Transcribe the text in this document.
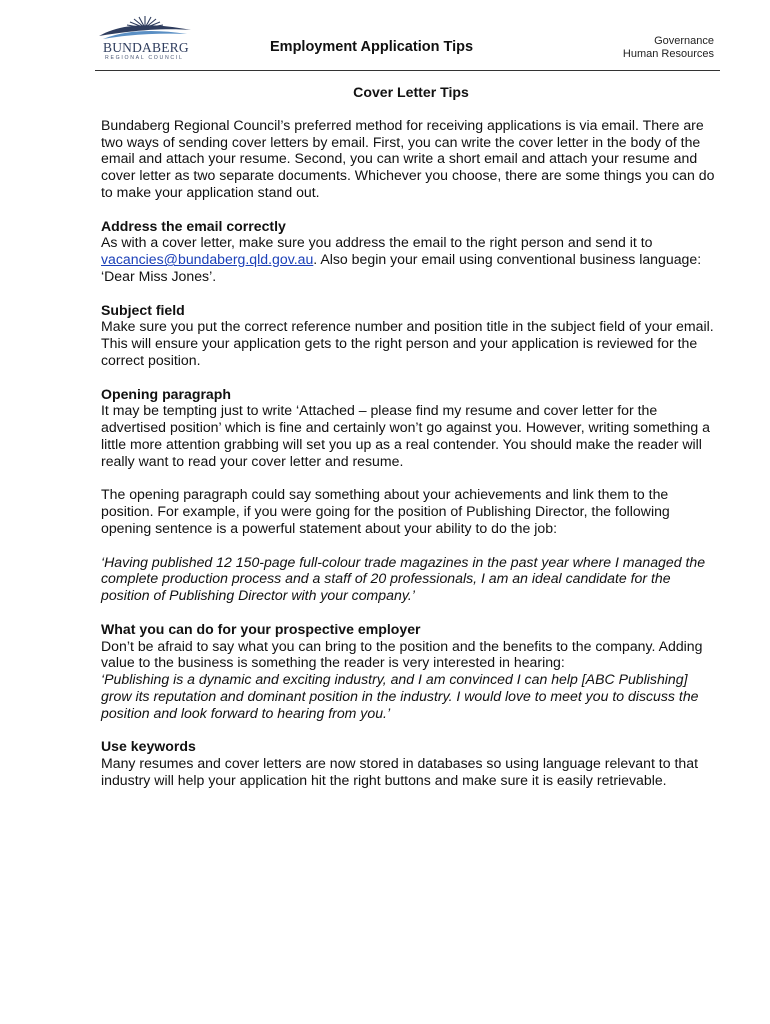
BUNDABERG
REGIONAL COUNCIL
Employment Application Tips	Governance
Human Resources
Cover Letter Tips

Bundaberg Regional Council’s preferred method for receiving applications is via email. There are two ways of sending cover letters by email. First, you can write the cover letter in the body of the email and attach your resume. Second, you can write a short email and attach your resume and cover letter as two separate documents. Whichever you choose, there are some things you can do to make your application stand out.

Address the email correctly
As with a cover letter, make sure you address the email to the right person and send it to vacancies@bundaberg.qld.gov.au. Also begin your email using conventional business language: ‘Dear Miss Jones’.

Subject field
Make sure you put the correct reference number and position title in the subject field of your email. This will ensure your application gets to the right person and your application is reviewed for the correct position.

Opening paragraph
It may be tempting just to write ‘Attached – please find my resume and cover letter for the advertised position’ which is fine and certainly won’t go against you. However, writing something a little more attention grabbing will set you up as a real contender. You should make the reader will really want to read your cover letter and resume.

The opening paragraph could say something about your achievements and link them to the position. For example, if you were going for the position of Publishing Director, the following opening sentence is a powerful statement about your ability to do the job:

‘Having published 12 150-page full-colour trade magazines in the past year where I managed the complete production process and a staff of 20 professionals, I am an ideal candidate for the position of Publishing Director with your company.’

What you can do for your prospective employer
Don’t be afraid to say what you can bring to the position and the benefits to the company. Adding value to the business is something the reader is very interested in hearing:
‘Publishing is a dynamic and exciting industry, and I am convinced I can help [ABC Publishing] grow its reputation and dominant position in the industry. I would love to meet you to discuss the position and look forward to hearing from you.’

Use keywords
Many resumes and cover letters are now stored in databases so using language relevant to that industry will help your application hit the right buttons and make sure it is easily retrievable.
